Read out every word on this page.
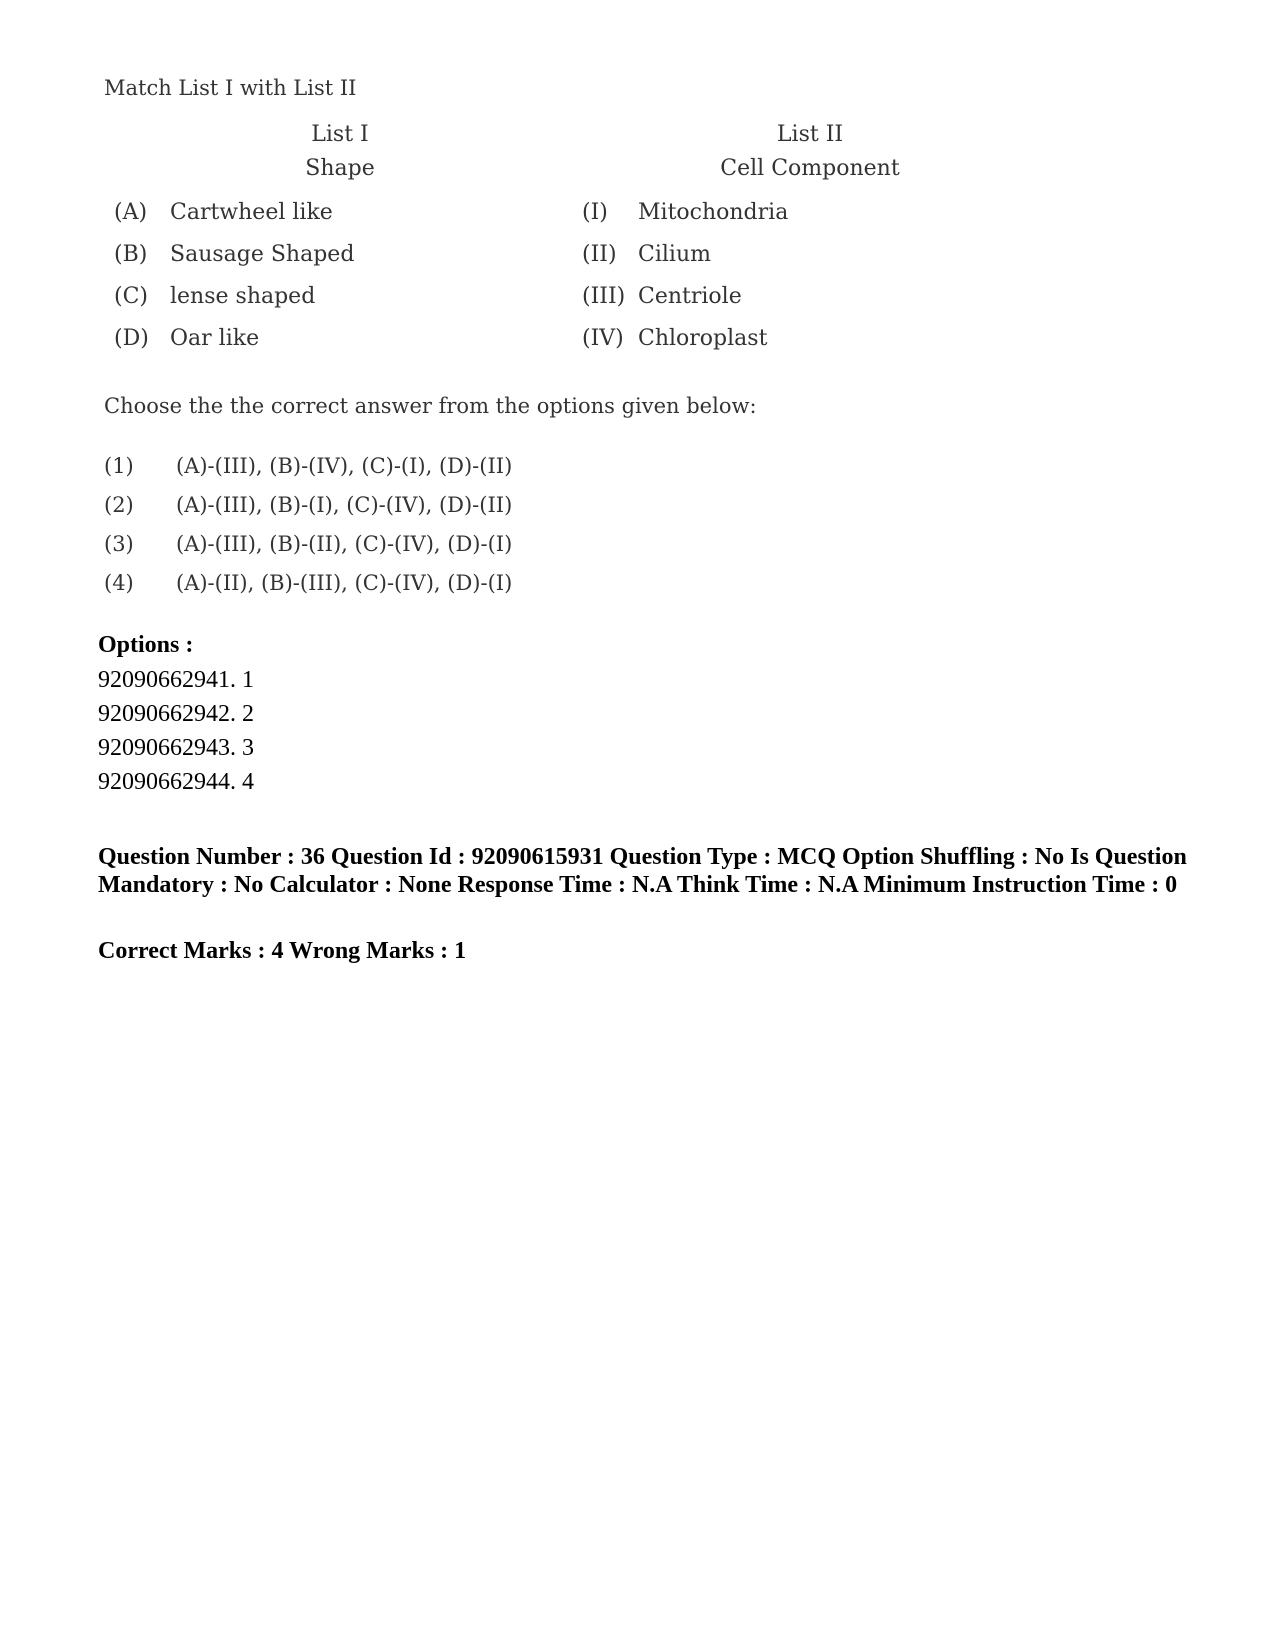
Match List I with List II
List I
Shape
List II
Cell Component
(A) Cartwheel like	(I) Mitochondria
(B) Sausage Shaped	(II) Cilium
(C) lense shaped	(III) Centriole
(D) Oar like	(IV) Chloroplast
Choose the the correct answer from the options given below:
(1) (A)-(III), (B)-(IV), (C)-(I), (D)-(II)
(2) (A)-(III), (B)-(I), (C)-(IV), (D)-(II)
(3) (A)-(III), (B)-(II), (C)-(IV), (D)-(I)
(4) (A)-(II), (B)-(III), (C)-(IV), (D)-(I)
Options :
92090662941. 1
92090662942. 2
92090662943. 3
92090662944. 4
Question Number : 36 Question Id : 92090615931 Question Type : MCQ Option Shuffling : No Is Question Mandatory : No Calculator : None Response Time : N.A Think Time : N.A Minimum Instruction Time : 0
Correct Marks : 4 Wrong Marks : 1
